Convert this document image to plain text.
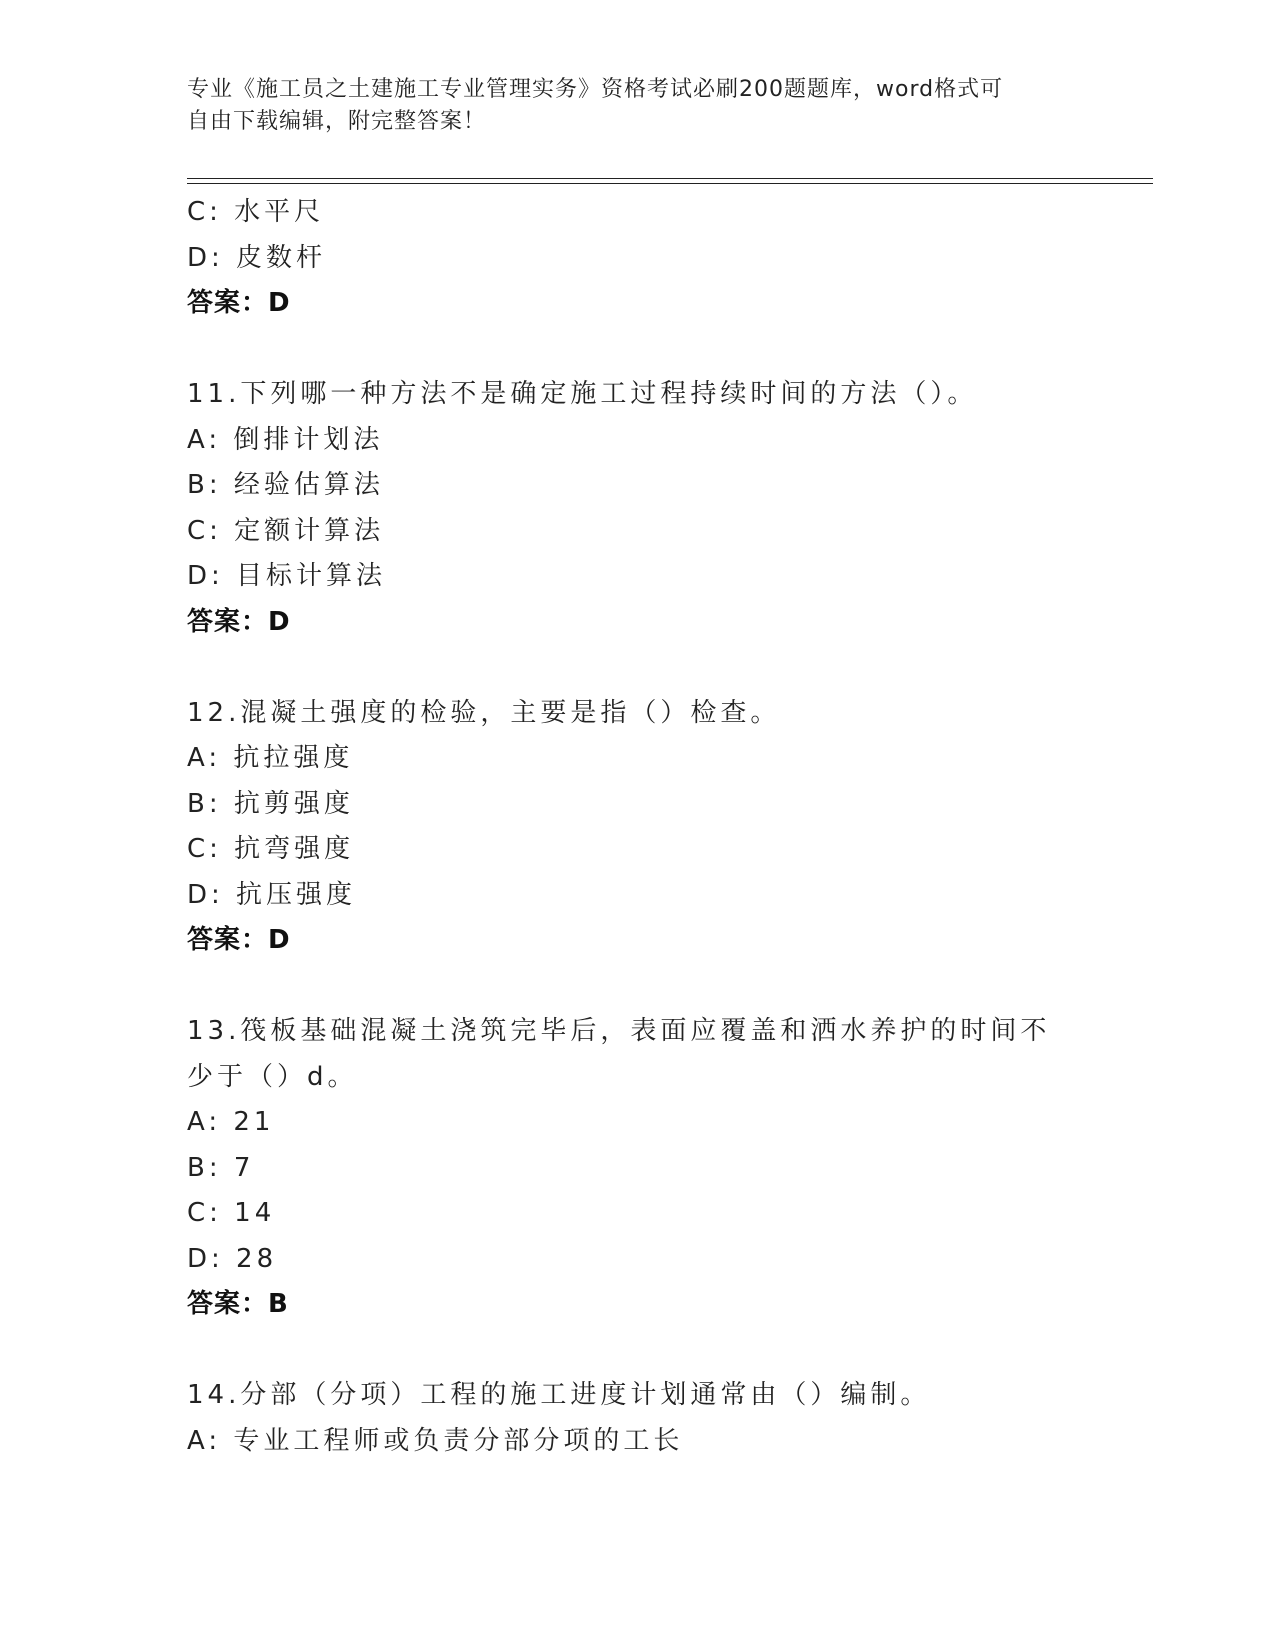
专业《施工员之土建施工专业管理实务》资格考试必刷200题题库，word格式可
自由下载编辑，附完整答案！
C: 水平尺
D: 皮数杆
答案：D
11.下列哪一种方法不是确定施工过程持续时间的方法（）。
A: 倒排计划法
B: 经验估算法
C: 定额计算法
D: 目标计算法
答案：D
12.混凝土强度的检验，主要是指（）检查。
A: 抗拉强度
B: 抗剪强度
C: 抗弯强度
D: 抗压强度
答案：D
13.筏板基础混凝土浇筑完毕后，表面应覆盖和洒水养护的时间不少于（）d。
A: 21
B: 7
C: 14
D: 28
答案：B
14.分部（分项）工程的施工进度计划通常由（）编制。
A: 专业工程师或负责分部分项的工长
